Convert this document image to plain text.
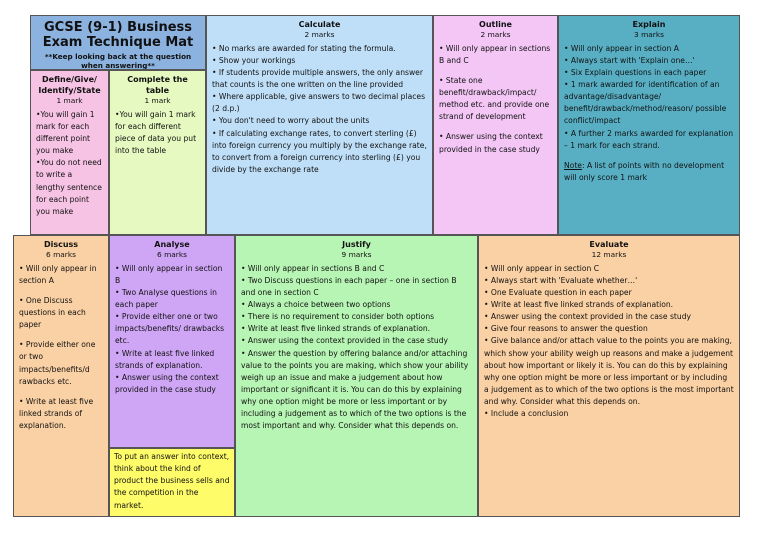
GCSE (9-1) Business
Exam Technique Mat
**Keep looking back at the question when answering**
Define/Give/ Identify/State
1 mark

•You will gain 1 mark for each different point you make

•You do not need to write a lengthy sentence for each point you make

Complete the table
1 mark

•You will gain 1 mark for each different piece of data you put into the table

Calculate
2 marks

• No marks are awarded for stating the formula.

• Show your workings

• If students provide multiple answers, the only answer that counts is the one written on the line provided

• Where applicable, give answers to two decimal places (2 d.p.)

• You don't need to worry about the units

• If calculating exchange rates, to convert sterling (£) into foreign currency you multiply by the exchange rate, to convert from a foreign currency into sterling (£) you divide by the exchange rate

Outline
2 marks

• Will only appear in sections B and C

• State one benefit/drawback/impact/ method etc. and provide one strand of development

• Answer using the context provided in the case study

Explain
3 marks

• Will only appear in section A

• Always start with 'Explain one…'

• Six Explain questions in each paper

• 1 mark awarded for identification of an advantage/disadvantage/ benefit/drawback/method/reason/ possible conflict/impact

• A further 2 marks awarded for explanation – 1 mark for each strand.

Note: A list of points with no development will only score 1 mark

Discuss
6 marks

• Will only appear in section A

• One Discuss questions in each paper

• Provide either one or two impacts/benefits/d rawbacks etc.

• Write at least five linked strands of explanation.

Analyse
6 marks

• Will only appear in section B

• Two Analyse questions in each paper

• Provide either one or two impacts/benefits/ drawbacks etc.

• Write at least five linked strands of explanation.

• Answer using the context provided in the case study

To put an answer into context, think about the kind of product the business sells and the competition in the market.

Justify
9 marks

• Will only appear in sections B and C

• Two Discuss questions in each paper – one in section B and one in section C

• Always a choice between two options

• There is no requirement to consider both options

• Write at least five linked strands of explanation.

• Answer using the context provided in the case study

• Answer the question by offering balance and/or attaching value to the points you are making, which show your ability weigh up an issue and make a judgement about how important or significant it is. You can do this by explaining why one option might be more or less important or by including a judgement as to which of the two options is the most important and why. Consider what this depends on.

Evaluate
12 marks

• Will only appear in section C

• Always start with 'Evaluate whether…'

• One Evaluate question in each paper

• Write at least five linked strands of explanation.

• Answer using the context provided in the case study

• Give four reasons to answer the question

• Give balance and/or attach value to the points you are making, which show your ability weigh up reasons and make a judgement about how important or likely it is. You can do this by explaining why one option might be more or less important or by including a judgement as to which of the two options is the most important and why. Consider what this depends on.

• Include a conclusion
